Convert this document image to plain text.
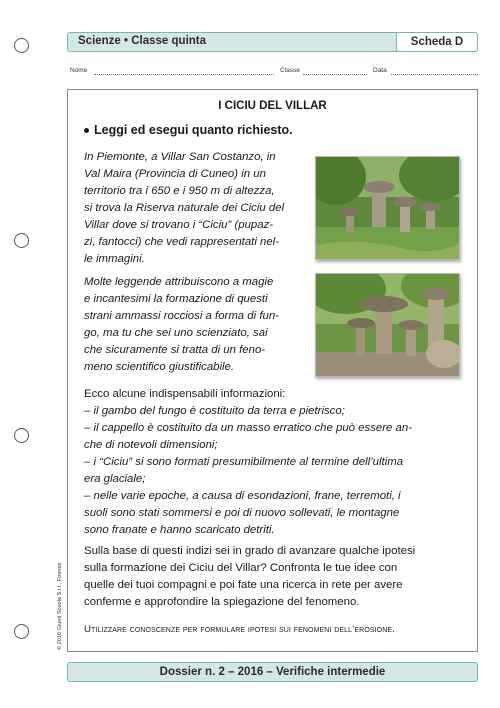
Scienze • Classe quinta	Scheda D
Nome	Classe	Data
I CICIU DEL VILLAR
Leggi ed esegui quanto richiesto.

In Piemonte, a Villar San Costanzo, in
Val Maira (Provincia di Cuneo) in un
territorio tra i 650 e i 950 m di altezza,
si trova la Riserva naturale dei Ciciu del
Villar dove si trovano i “Ciciu” (pupaz-
zi, fantocci) che vedi rappresentati nel-
le immagini.

Molte leggende attribuiscono a magie
e incantesimi la formazione di questi
strani ammassi rocciosi a forma di fun-
go, ma tu che sei uno scienziato, sai
che sicuramente si tratta di un feno-
meno scientifico giustificabile.

Ecco alcune indispensabili informazioni:
– il gambo del fungo è costituito da terra e pietrisco;
– il cappello è costituito da un masso erratico che può essere an-
che di notevoli dimensioni;
– i “Ciciu” si sono formati presumibilmente al termine dell’ultima
era glaciale;
– nelle varie epoche, a causa di esondazioni, frane, terremoti, i
suoli sono stati sommersi e poi di nuovo sollevati, le montagne
sono franate e hanno scaricato detriti.

Sulla base di questi indizi sei in grado di avanzare qualche ipotesi
sulla formazione dei Ciciu del Villar? Confronta le tue idee con
quelle dei tuoi compagni e poi fate una ricerca in rete per avere
conferme e approfondire la spiegazione del fenomeno.

Utilizzare conoscenze per formulare ipotesi sui fenomeni dell’erosione.
© 2016 Giunti Scuola S.r.l., Firenze
Dossier n. 2 – 2016 – Verifiche intermedie
